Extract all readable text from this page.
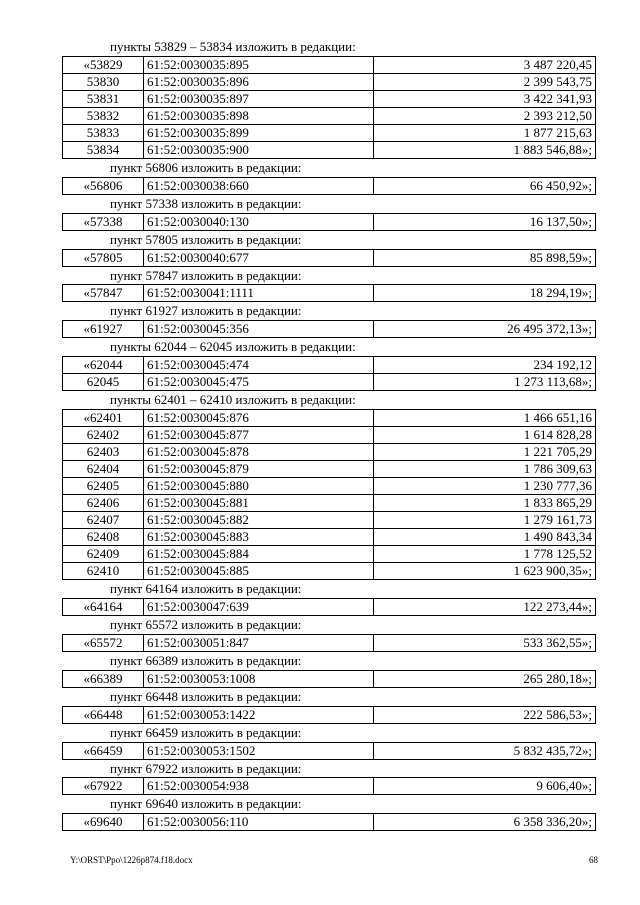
пункты 53829 – 53834 изложить в редакции:
«53829	61:52:0030035:895	3 487 220,45
53830	61:52:0030035:896	2 399 543,75
53831	61:52:0030035:897	3 422 341,93
53832	61:52:0030035:898	2 393 212,50
53833	61:52:0030035:899	1 877 215,63
53834	61:52:0030035:900	1 883 546,88»;
пункт 56806 изложить в редакции:
«56806	61:52:0030038:660	66 450,92»;
пункт 57338 изложить в редакции:
«57338	61:52:0030040:130	16 137,50»;
пункт 57805 изложить в редакции:
«57805	61:52:0030040:677	85 898,59»;
пункт 57847 изложить в редакции:
«57847	61:52:0030041:1111	18 294,19»;
пункт 61927 изложить в редакции:
«61927	61:52:0030045:356	26 495 372,13»;
пункты 62044 – 62045 изложить в редакции:
«62044	61:52:0030045:474	234 192,12
62045	61:52:0030045:475	1 273 113,68»;
пункты 62401 – 62410 изложить в редакции:
«62401	61:52:0030045:876	1 466 651,16
62402	61:52:0030045:877	1 614 828,28
62403	61:52:0030045:878	1 221 705,29
62404	61:52:0030045:879	1 786 309,63
62405	61:52:0030045:880	1 230 777,36
62406	61:52:0030045:881	1 833 865,29
62407	61:52:0030045:882	1 279 161,73
62408	61:52:0030045:883	1 490 843,34
62409	61:52:0030045:884	1 778 125,52
62410	61:52:0030045:885	1 623 900,35»;
пункт 64164 изложить в редакции:
«64164	61:52:0030047:639	122 273,44»;
пункт 65572 изложить в редакции:
«65572	61:52:0030051:847	533 362,55»;
пункт 66389 изложить в редакции:
«66389	61:52:0030053:1008	265 280,18»;
пункт 66448 изложить в редакции:
«66448	61:52:0030053:1422	222 586,53»;
пункт 66459 изложить в редакции:
«66459	61:52:0030053:1502	5 832 435,72»;
пункт 67922 изложить в редакции:
«67922	61:52:0030054:938	9 606,40»;
пункт 69640 изложить в редакции:
«69640	61:52:0030056:110	6 358 336,20»;
Y:\ORST\Ppo\1226p874.f18.docx	68
